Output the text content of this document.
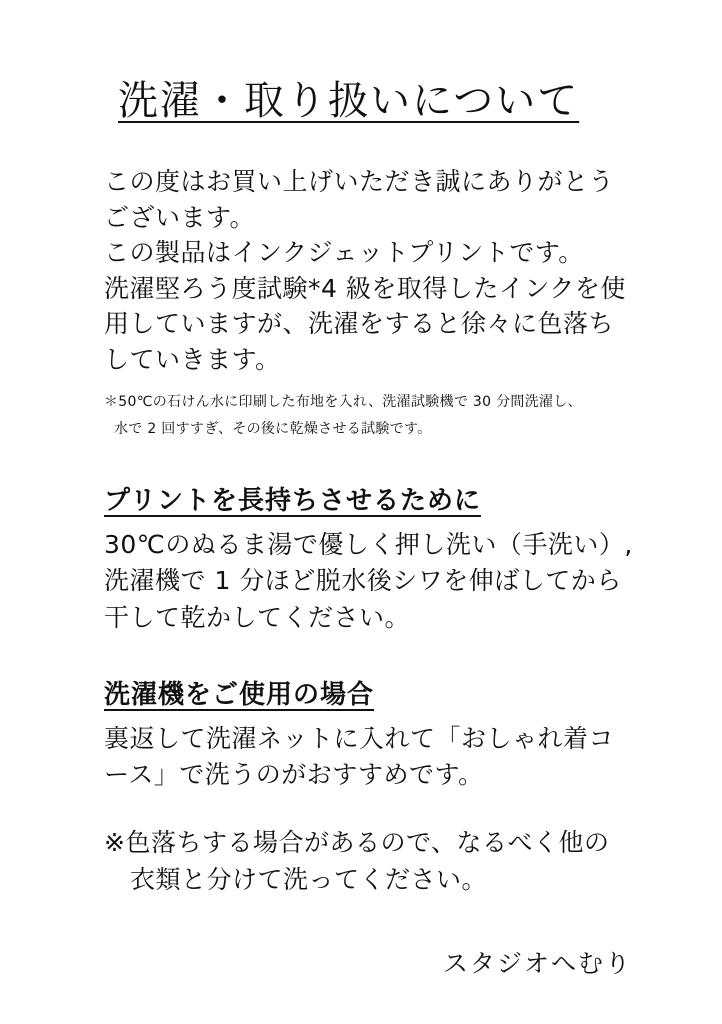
洗濯・取り扱いについて

この度はお買い上げいただき誠にありがとう

ございます。

この製品はインクジェットプリントです。

洗濯堅ろう度試験*4 級を取得したインクを使

用していますが、洗濯をすると徐々に色落ち

していきます。

＊50℃の石けん水に印刷した布地を入れ、洗濯試験機で 30 分間洗濯し、

水で 2 回すすぎ、その後に乾燥させる試験です。

プリントを長持ちさせるために

30℃のぬるま湯で優しく押し洗い（手洗い）,

洗濯機で 1 分ほど脱水後シワを伸ばしてから

干して乾かしてください。

洗濯機をご使用の場合

裏返して洗濯ネットに入れて「おしゃれ着コ

ース」で洗うのがおすすめです。

※色落ちする場合があるので、なるべく他の

衣類と分けて洗ってください。

スタジオへむり
